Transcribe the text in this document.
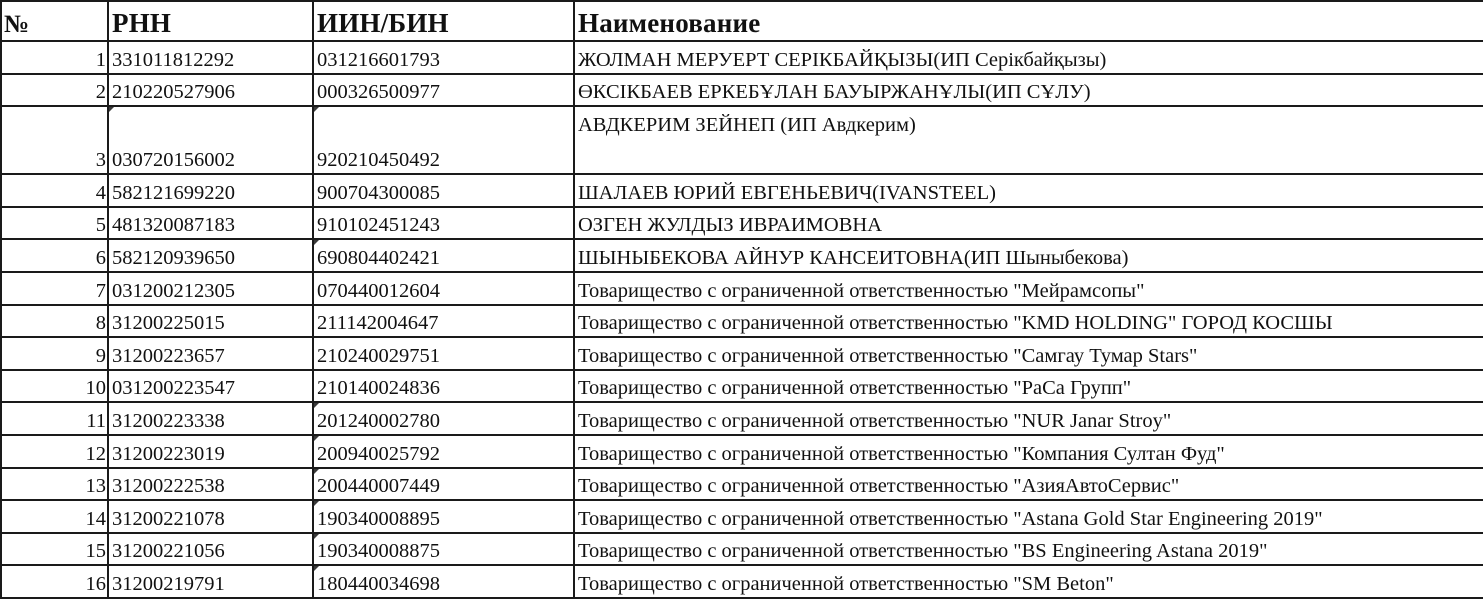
№	РНН	ИИН/БИН	Наименование
1	331011812292	031216601793	ЖОЛМАН МЕРУЕРТ СЕРІКБАЙҚЫЗЫ(ИП Серікбайқызы)
2	210220527906	000326500977	ӨКСІКБАЕВ ЕРКЕБҰЛАН БАУЫРЖАНҰЛЫ(ИП СҰЛУ)
3	030720156002	920210450492	АВДКЕРИМ ЗЕЙНЕП (ИП Авдкерим)
4	582121699220	900704300085	ШАЛАЕВ ЮРИЙ ЕВГЕНЬЕВИЧ(IVANSTEEL)
5	481320087183	910102451243	ОЗГЕН ЖУЛДЫЗ ИВРАИМОВНА
6	582120939650	690804402421	ШЫНЫБЕКОВА АЙНУР КАНСЕИТОВНА(ИП Шыныбекова)
7	031200212305	070440012604	Товарищество с ограниченной ответственностью "Мейрамсопы"
8	31200225015	211142004647	Товарищество с ограниченной ответственностью "KMD HOLDING" ГОРОД КОСШЫ
9	31200223657	210240029751	Товарищество с ограниченной ответственностью "Самгау Тумар Stars"
10	031200223547	210140024836	Товарищество с ограниченной ответственностью "РаСа Групп"
11	31200223338	201240002780	Товарищество с ограниченной ответственностью "NUR Janar Stroy"
12	31200223019	200940025792	Товарищество с ограниченной ответственностью "Компания Султан Фуд"
13	31200222538	200440007449	Товарищество с ограниченной ответственностью "АзияАвтоСервис"
14	31200221078	190340008895	Товарищество с ограниченной ответственностью "Astana Gold Star Engineering 2019"
15	31200221056	190340008875	Товарищество с ограниченной ответственностью "BS Engineering Astana 2019"
16	31200219791	180440034698	Товарищество с ограниченной ответственностью "SM Beton"
